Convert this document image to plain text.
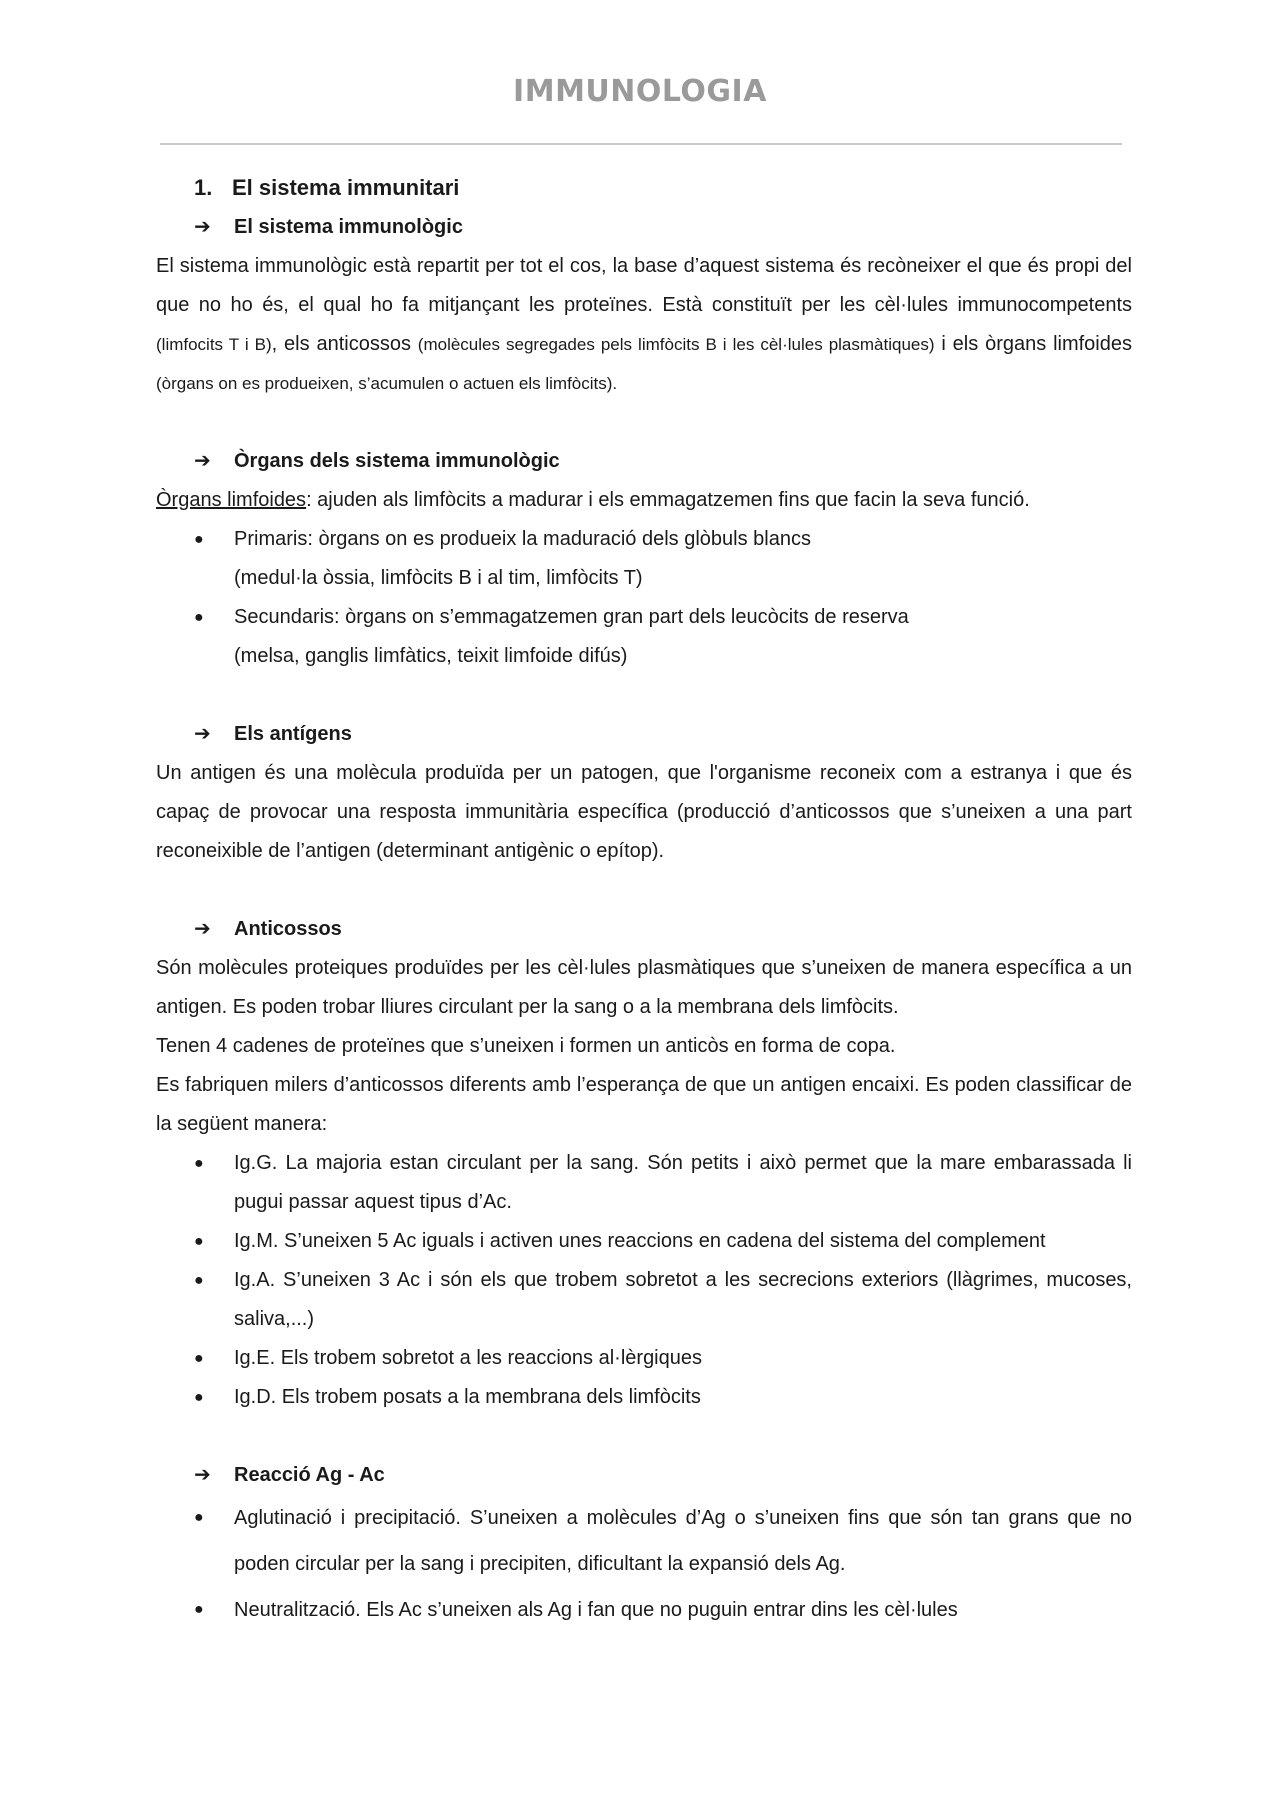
IMMUNOLOGIA

1. El sistema immunitari

➔ El sistema immunològic

El sistema immunològic està repartit per tot el cos, la base d’aquest sistema és recòneixer el que és propi del que no ho és, el qual ho fa mitjançant les proteïnes. Està constituït per les cèl·lules immunocompetents (limfocits T i B), els anticossos (molècules segregades pels limfòcits B i les cèl·lules plasmàtiques) i els òrgans limfoides (òrgans on es produeixen, s’acumulen o actuen els limfòcits).

➔ Òrgans dels sistema immunològic

Òrgans limfoides: ajuden als limfòcits a madurar i els emmagatzemen fins que facin la seva funció.

● Primaris: òrgans on es produeix la maduració dels glòbuls blancs
(medul·la òssia, limfòcits B i al tim, limfòcits T)
● Secundaris: òrgans on s’emmagatzemen gran part dels leucòcits de reserva
(melsa, ganglis limfàtics, teixit limfoide difús)

➔ Els antígens

Un antigen és una molècula produïda per un patogen, que l'organisme reconeix com a estranya i que és capaç de provocar una resposta immunitària específica (producció d’anticossos que s’uneixen a una part reconeixible de l’antigen (determinant antigènic o epítop).

➔ Anticossos

Són molècules proteiques produïdes per les cèl·lules plasmàtiques que s’uneixen de manera específica a un antigen. Es poden trobar lliures circulant per la sang o a la membrana dels limfòcits.

Tenen 4 cadenes de proteïnes que s’uneixen i formen un anticòs en forma de copa.

Es fabriquen milers d’anticossos diferents amb l’esperança de que un antigen encaixi. Es poden classificar de la següent manera:

● Ig.G. La majoria estan circulant per la sang. Són petits i això permet que la mare embarassada li pugui passar aquest tipus d’Ac.
● Ig.M. S’uneixen 5 Ac iguals i activen unes reaccions en cadena del sistema del complement
● Ig.A. S’uneixen 3 Ac i són els que trobem sobretot a les secrecions exteriors (llàgrimes, mucoses, saliva,...)
● Ig.E. Els trobem sobretot a les reaccions al·lèrgiques
● Ig.D. Els trobem posats a la membrana dels limfòcits

➔ Reacció Ag - Ac

● Aglutinació i precipitació. S’uneixen a molècules d’Ag o s’uneixen fins que són tan grans que no poden circular per la sang i precipiten, dificultant la expansió dels Ag.
● Neutralització. Els Ac s’uneixen als Ag i fan que no puguin entrar dins les cèl·lules
